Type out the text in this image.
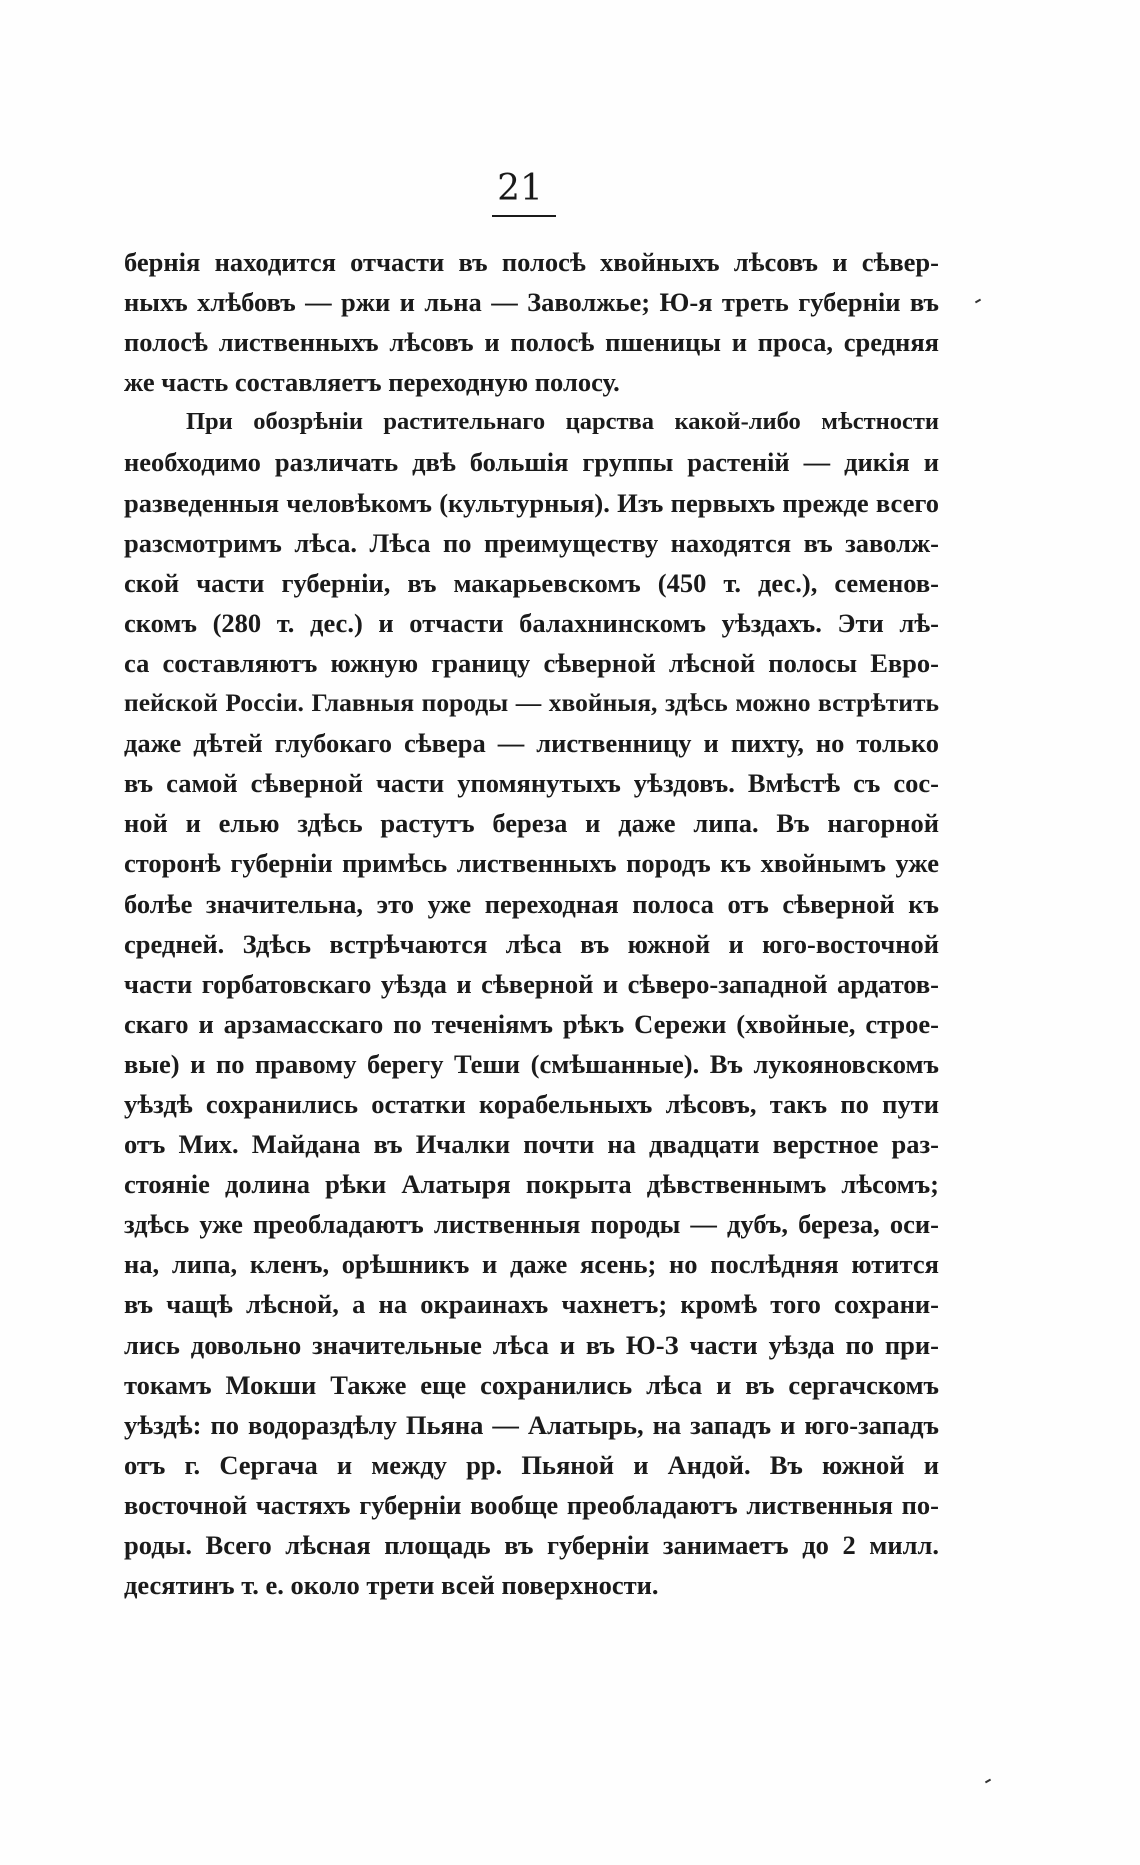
21
бернія находится отчасти въ полосѣ хвойныхъ лѣсовъ и сѣвер-
ныхъ хлѣбовъ — ржи и льна — Заволжье; Ю-я треть губерніи въ
полосѣ лиственныхъ лѣсовъ и полосѣ пшеницы и проса, средняя
же часть составляетъ переходную полосу.
При обозрѣніи растительнаго царства какой-либо мѣстности
необходимо различать двѣ большія группы растеній — дикія и
разведенныя человѣкомъ (культурныя). Изъ первыхъ прежде всего
разсмотримъ лѣса. Лѣса по преимуществу находятся въ заволж-
ской части губерніи, въ макарьевскомъ (450 т. дес.), семенов-
скомъ (280 т. дес.) и отчасти балахнинскомъ уѣздахъ. Эти лѣ-
са составляютъ южную границу сѣверной лѣсной полосы Евро-
пейской Россіи. Главныя породы — хвойныя, здѣсь можно встрѣтить
даже дѣтей глубокаго сѣвера — лиственницу и пихту, но только
въ самой сѣверной части упомянутыхъ уѣздовъ. Вмѣстѣ съ сос-
ной и елью здѣсь растутъ береза и даже липа. Въ нагорной
сторонѣ губерніи примѣсь лиственныхъ породъ къ хвойнымъ уже
болѣе значительна, это уже переходная полоса отъ сѣверной къ
средней. Здѣсь встрѣчаются лѣса въ южной и юго-восточной
части горбатовскаго уѣзда и сѣверной и сѣверо-западной ардатов-
скаго и арзамасскаго по теченіямъ рѣкъ Сережи (хвойные, строе-
вые) и по правому берегу Теши (смѣшанные). Въ лукояновскомъ
уѣздѣ сохранились остатки корабельныхъ лѣсовъ, такъ по пути
отъ Мих. Майдана въ Ичалки почти на двадцати верстное раз-
стояніе долина рѣки Алатыря покрыта дѣвственнымъ лѣсомъ;
здѣсь уже преобладаютъ лиственныя породы — дубъ, береза, оси-
на, липа, кленъ, орѣшникъ и даже ясень; но послѣдняя ютится
въ чащѣ лѣсной, а на окраинахъ чахнетъ; кромѣ того сохрани-
лись довольно значительные лѣса и въ Ю-З части уѣзда по при-
токамъ Мокши Также еще сохранились лѣса и въ сергачскомъ
уѣздѣ: по водораздѣлу Пьяна — Алатырь, на западъ и юго-западъ
отъ г. Сергача и между рр. Пьяной и Андой. Въ южной и
восточной частяхъ губерніи вообще преобладаютъ лиственныя по-
роды. Всего лѣсная площадь въ губерніи занимаетъ до 2 милл.
десятинъ т. е. около трети всей поверхности.
